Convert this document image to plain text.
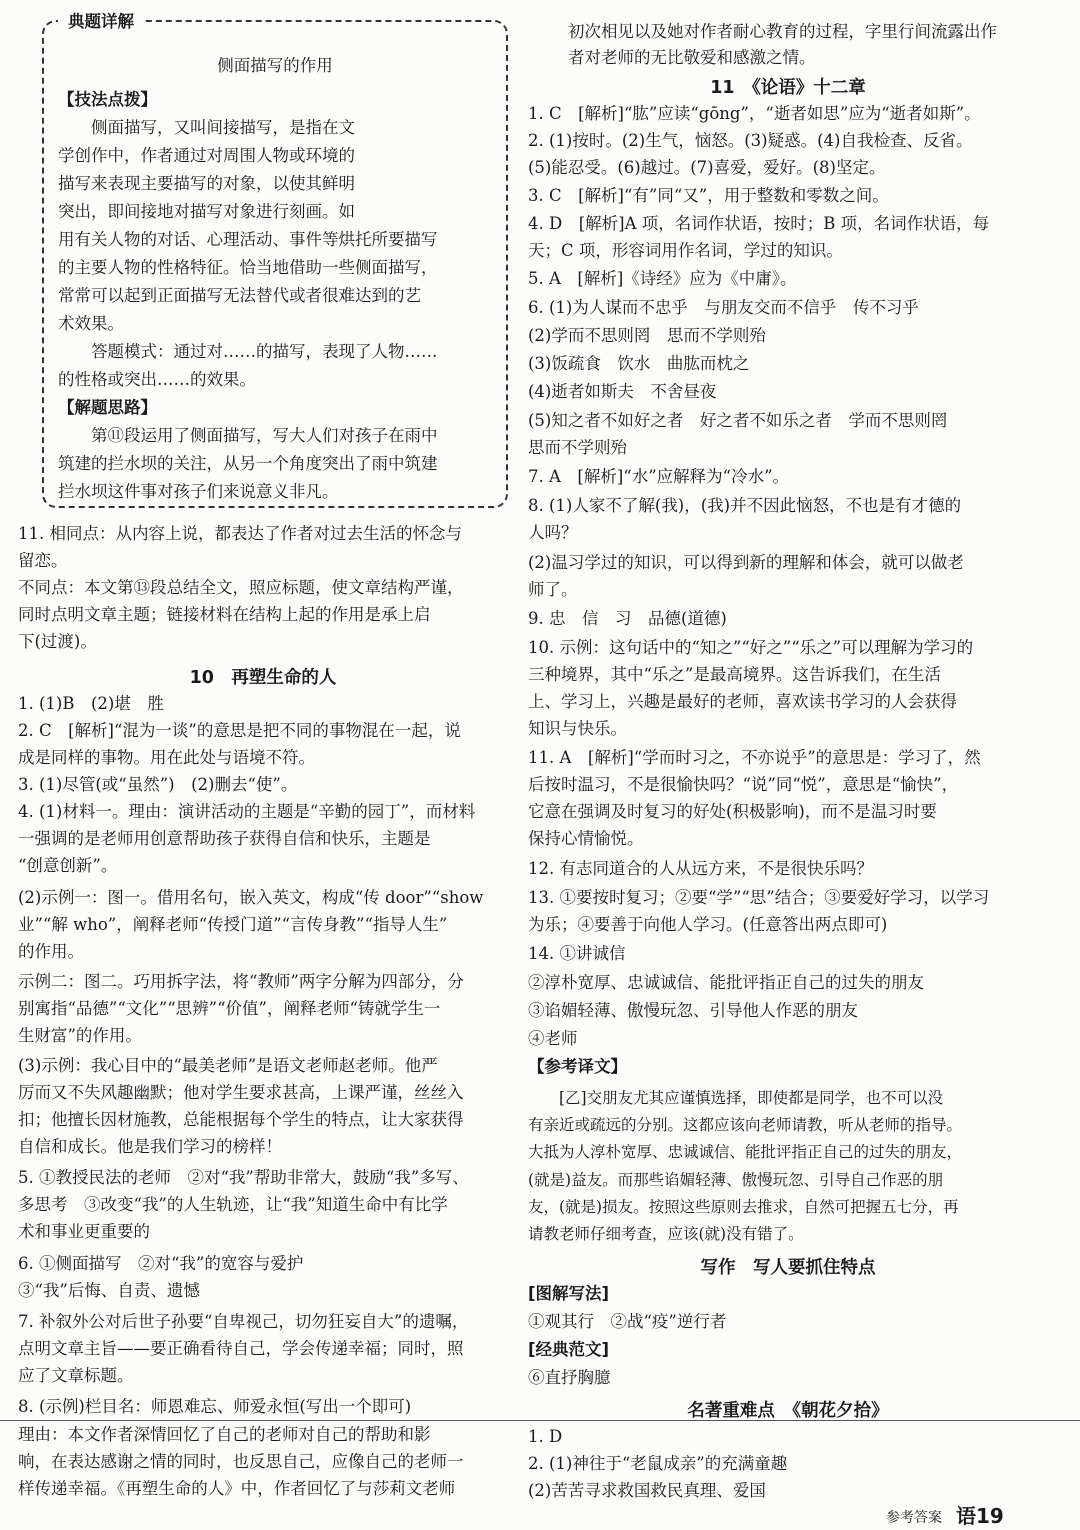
侧面描写的作用
【技法点拨】
　　侧面描写，又叫间接描写，是指在文
学创作中，作者通过对周围人物或环境的
描写来表现主要描写的对象，以使其鲜明
突出，即间接地对描写对象进行刻画。如
用有关人物的对话、心理活动、事件等烘托所要描写
的主要人物的性格特征。恰当地借助一些侧面描写，
常常可以起到正面描写无法替代或者很难达到的艺
术效果。
　　答题模式：通过对……的描写，表现了人物……
的性格或突出……的效果。
【解题思路】
　　第⑪段运用了侧面描写，写大人们对孩子在雨中
筑建的拦水坝的关注，从另一个角度突出了雨中筑建
拦水坝这件事对孩子们来说意义非凡。
典题详解
11. 相同点：从内容上说，都表达了作者对过去生活的怀念与
留恋。
不同点：本文第⑬段总结全文，照应标题，使文章结构严谨，
同时点明文章主题；链接材料在结构上起的作用是承上启
下(过渡)。
10　再塑生命的人
1. (1)B　(2)堪　胜
2. C　[解析]“混为一谈”的意思是把不同的事物混在一起，说
成是同样的事物。用在此处与语境不符。
3. (1)尽管(或“虽然”)　(2)删去“使”。
4. (1)材料一。理由：演讲活动的主题是“辛勤的园丁”，而材料
一强调的是老师用创意帮助孩子获得自信和快乐，主题是
“创意创新”。
(2)示例一：图一。借用名句，嵌入英文，构成“传 door”“show
业”“解 who”，阐释老师“传授门道”“言传身教”“指导人生”
的作用。
示例二：图二。巧用拆字法，将“教师”两字分解为四部分，分
别寓指“品德”“文化”“思辨”“价值”，阐释老师“铸就学生一
生财富”的作用。
(3)示例：我心目中的“最美老师”是语文老师赵老师。他严
厉而又不失风趣幽默；他对学生要求甚高，上课严谨，丝丝入
扣；他擅长因材施教，总能根据每个学生的特点，让大家获得
自信和成长。他是我们学习的榜样！
5. ①教授民法的老师　②对“我”帮助非常大，鼓励“我”多写、
多思考　③改变“我”的人生轨迹，让“我”知道生命中有比学
术和事业更重要的
6. ①侧面描写　②对“我”的宽容与爱护
③“我”后悔、自责、遗憾
7. 补叙外公对后世子孙要“自卑视己，切勿狂妄自大”的遗嘱，
点明文章主旨——要正确看待自己，学会传递幸福；同时，照
应了文章标题。
8. (示例)栏目名：师恩难忘、师爱永恒(写出一个即可)
理由：本文作者深情回忆了自己的老师对自己的帮助和影
响，在表达感谢之情的同时，也反思自己，应像自己的老师一
样传递幸福。《再塑生命的人》中，作者回忆了与莎莉文老师
初次相见以及她对作者耐心教育的过程，字里行间流露出作
者对老师的无比敬爱和感激之情。
11　《论语》十二章
1. C　[解析]“肱”应读“gōng”，“逝者如思”应为“逝者如斯”。
2. (1)按时。(2)生气，恼怒。(3)疑惑。(4)自我检查、反省。
(5)能忍受。(6)越过。(7)喜爱，爱好。(8)坚定。
3. C　[解析]“有”同“又”，用于整数和零数之间。
4. D　[解析]A 项，名词作状语，按时；B 项，名词作状语，每
天；C 项，形容词用作名词，学过的知识。
5. A　[解析]《诗经》应为《中庸》。
6. (1)为人谋而不忠乎　与朋友交而不信乎　传不习乎
(2)学而不思则罔　思而不学则殆
(3)饭疏食　饮水　曲肱而枕之
(4)逝者如斯夫　不舍昼夜
(5)知之者不如好之者　好之者不如乐之者　学而不思则罔
思而不学则殆
7. A　[解析]“水”应解释为“冷水”。
8. (1)人家不了解(我)，(我)并不因此恼怒，不也是有才德的
人吗？
(2)温习学过的知识，可以得到新的理解和体会，就可以做老
师了。
9. 忠　信　习　品德(道德)
10. 示例：这句话中的“知之”“好之”“乐之”可以理解为学习的
三种境界，其中“乐之”是最高境界。这告诉我们，在生活
上、学习上，兴趣是最好的老师，喜欢读书学习的人会获得
知识与快乐。
11. A　[解析]“学而时习之，不亦说乎”的意思是：学习了，然
后按时温习，不是很愉快吗？“说”同“悦”，意思是“愉快”，
它意在强调及时复习的好处(积极影响)，而不是温习时要
保持心情愉悦。
12. 有志同道合的人从远方来，不是很快乐吗？
13. ①要按时复习；②要“学”“思”结合；③要爱好学习，以学习
为乐；④要善于向他人学习。(任意答出两点即可)
14. ①讲诚信
②淳朴宽厚、忠诚诚信、能批评指正自己的过失的朋友
③谄媚轻薄、傲慢玩忽、引导他人作恶的朋友
④老师
【参考译文】
　　[乙]交朋友尤其应谨慎选择，即使都是同学，也不可以没
有亲近或疏远的分别。这都应该向老师请教，听从老师的指导。
大抵为人淳朴宽厚、忠诚诚信、能批评指正自己的过失的朋友，
(就是)益友。而那些谄媚轻薄、傲慢玩忽、引导自己作恶的朋
友，(就是)损友。按照这些原则去推求，自然可把握五七分，再
请教老师仔细考查，应该(就)没有错了。
写作　写人要抓住特点
[图解写法]
①观其行　②战“疫”逆行者
[经典范文]
⑥直抒胸臆
名著重难点　《朝花夕拾》
1. D
2. (1)神往于“老鼠成亲”的充满童趣
(2)苦苦寻求救国救民真理、爱国
参考答案 语19
